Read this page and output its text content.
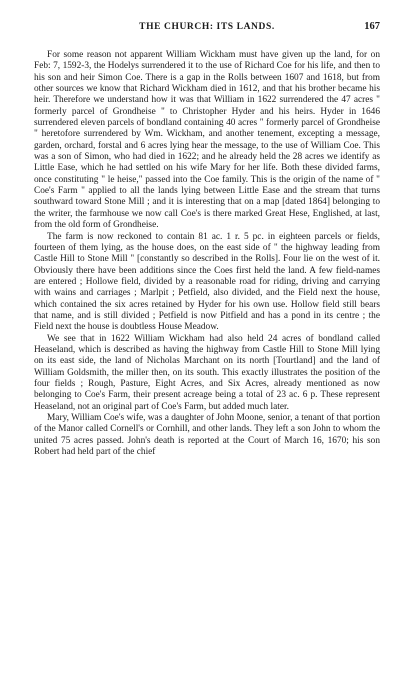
THE CHURCH: ITS LANDS.	167

For some reason not apparent William Wickham must have given up the land, for on Feb: 7, 1592-3, the Hodelys surrendered it to the use of Richard Coe for his life, and then to his son and heir Simon Coe. There is a gap in the Rolls between 1607 and 1618, but from other sources we know that Richard Wickham died in 1612, and that his brother became his heir. Therefore we understand how it was that William in 1622 surrendered the 47 acres " formerly parcel of Grondheise " to Christopher Hyder and his heirs. Hyder in 1646 surrendered eleven parcels of bondland containing 40 acres " formerly parcel of Grondheise " heretofore surrendered by Wm. Wickham, and another tenement, excepting a message, garden, orchard, forstal and 6 acres lying hear the message, to the use of William Coe. This was a son of Simon, who had died in 1622; and he already held the 28 acres we identify as Little Ease, which he had settled on his wife Mary for her life. Both these divided farms, once constituting " le heise," passed into the Coe family. This is the origin of the name of " Coe's Farm " applied to all the lands lying between Little Ease and the stream that turns southward toward Stone Mill ; and it is interesting that on a map [dated 1864] belonging to the writer, the farmhouse we now call Coe's is there marked Great Hese, Englished, at last, from the old form of Grondheise.

The farm is now reckoned to contain 81 ac. 1 r. 5 pc. in eighteen parcels or fields, fourteen of them lying, as the house does, on the east side of " the highway leading from Castle Hill to Stone Mill " [constantly so described in the Rolls]. Four lie on the west of it. Obviously there have been additions since the Coes first held the land. A few field-names are entered ; Hollowe field, divided by a reasonable road for riding, driving and carrying with wains and carriages ; Marlpit ; Petfield, also divided, and the Field next the house, which contained the six acres retained by Hyder for his own use. Hollow field still bears that name, and is still divided ; Petfield is now Pitfield and has a pond in its centre ; the Field next the house is doubtless House Meadow.

We see that in 1622 William Wickham had also held 24 acres of bondland called Heaseland, which is described as having the highway from Castle Hill to Stone Mill lying on its east side, the land of Nicholas Marchant on its north [Tourtland] and the land of William Goldsmith, the miller then, on its south. This exactly illustrates the position of the four fields ; Rough, Pasture, Eight Acres, and Six Acres, already mentioned as now belonging to Coe's Farm, their present acreage being a total of 23 ac. 6 p. These represent Heaseland, not an original part of Coe's Farm, but added much later.

Mary, William Coe's wife, was a daughter of John Moone, senior, a tenant of that portion of the Manor called Cornell's or Cornhill, and other lands. They left a son John to whom the united 75 acres passed. John's death is reported at the Court of March 16, 1670; his son Robert had held part of the chief
